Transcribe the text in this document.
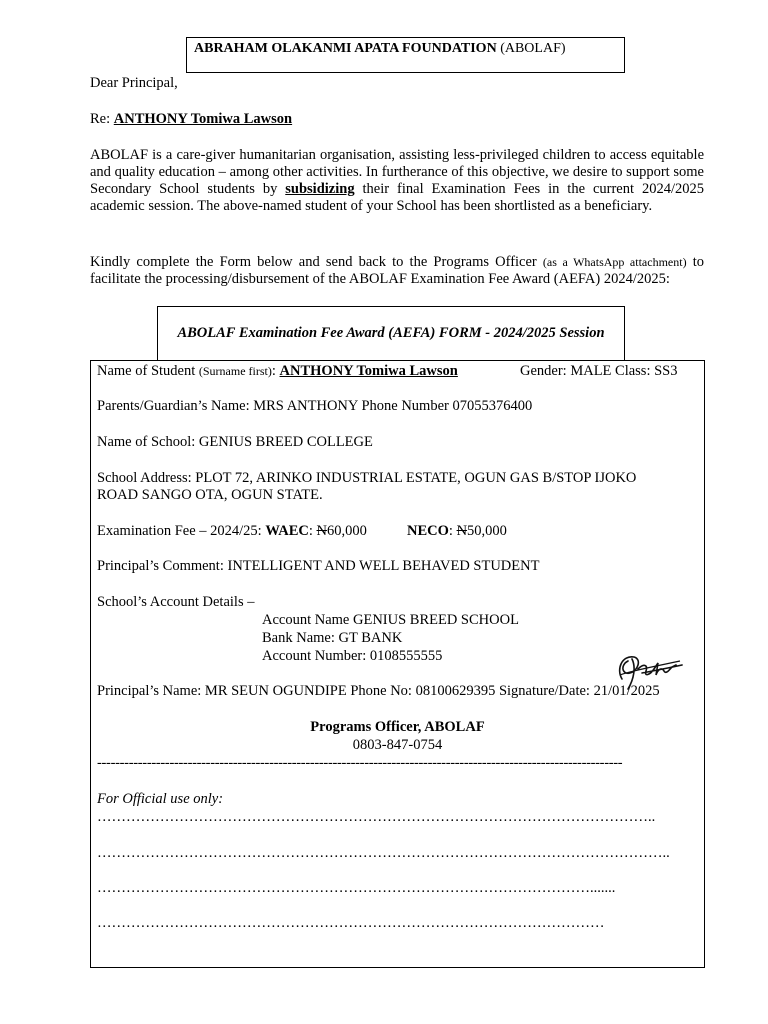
ABRAHAM OLAKANMI APATA FOUNDATION (ABOLAF)
Dear Principal,
Re: ANTHONY Tomiwa Lawson
ABOLAF is a care-giver humanitarian organisation, assisting less-privileged children to access equitable and quality education – among other activities. In furtherance of this objective, we desire to support some Secondary School students by subsidizing their final Examination Fees in the current 2024/2025 academic session. The above-named student of your School has been shortlisted as a beneficiary.
Kindly complete the Form below and send back to the Programs Officer (as a WhatsApp attachment) to facilitate the processing/disbursement of the ABOLAF Examination Fee Award (AEFA) 2024/2025:
ABOLAF Examination Fee Award (AEFA) FORM - 2024/2025 Session
Name of Student (Surname first): ANTHONY Tomiwa Lawson	Gender: MALE Class: SS3
Parents/Guardian’s Name: MRS ANTHONY Phone Number 07055376400
Name of School: GENIUS BREED COLLEGE
School Address: PLOT 72, ARINKO INDUSTRIAL ESTATE, OGUN GAS B/STOP IJOKO
ROAD SANGO OTA, OGUN STATE.
Examination Fee – 2024/25: WAEC: N60,000	NECO: N50,000
Principal’s Comment: INTELLIGENT AND WELL BEHAVED STUDENT
School’s Account Details –
Account Name GENIUS BREED SCHOOL
Bank Name: GT BANK
Account Number: 0108555555
Principal’s Name: MR SEUN OGUNDIPE Phone No: 08100629395 Signature/Date: 21/01/2025
Programs Officer, ABOLAF
0803-847-0754
--------------------------------------------------------------------------------------------------------------------
For Official use only:
……………………………………………………………………………………………………..
………………………………………………………………………………………………………..
………………………………………………………………………………………….......
……………………………………………………………………………………………
